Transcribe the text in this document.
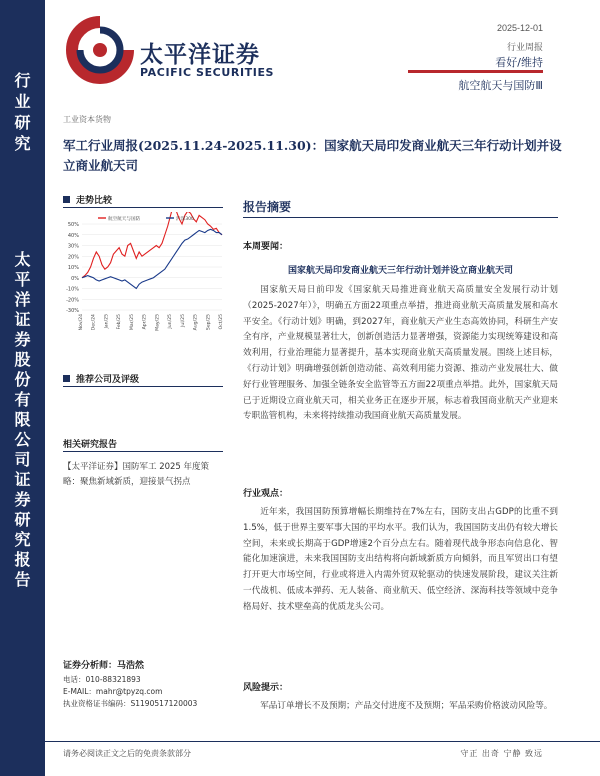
行
业
研
究
太
平
洋
证
券
股
份
有
限
公
司
证
券
研
究
报
告
太平洋证券
PACIFIC SECURITIES
2025-12-01
行业周报
看好/维持
航空航天与国防Ⅲ
工业资本货物
军工行业周报(2025.11.24-2025.11.30)：国家航天局印发商业航天三年行动计划并设立商业航天司
走势比较
50%
40%
30%
20%
10%
0%
-10%
-20%
-30%
Nov/24 Dec/24 Jan/25 Feb/25 Mar/25 Apr/25 May/25 Jun/25 Jul/25 Aug/25 Sep/25 Oct/25
航空航天与国防	沪深300
推荐公司及评级
相关研究报告
【太平洋证券】国防军工 2025 年度策略：聚焦新域新质，迎接景气拐点
证券分析师：马浩然
电话：010-88321893
E-MAIL：mahr@tpyzq.com
执业资格证书编码：S1190517120003
报告摘要
本周要闻：
国家航天局印发商业航天三年行动计划并设立商业航天司
国家航天局日前印发《国家航天局推进商业航天高质量安全发展行动计划（2025-2027年）》，明确五方面22项重点举措，推进商业航天高质量发展和高水平安全。《行动计划》明确，到2027年，商业航天产业生态高效协同，科研生产安全有序，产业规模显著壮大，创新创造活力显著增强，资源能力实现统筹建设和高效利用，行业治理能力显著提升，基本实现商业航天高质量发展。围绕上述目标，《行动计划》明确增强创新创造动能、高效利用能力资源、推动产业发展壮大、做好行业管理服务、加强全链条安全监管等五方面22项重点举措。此外，国家航天局已于近期设立商业航天司，相关业务正在逐步开展，标志着我国商业航天产业迎来专职监管机构，未来将持续推动我国商业航天高质量发展。
行业观点：
近年来，我国国防预算增幅长期维持在7%左右，国防支出占GDP的比重不到1.5%，低于世界主要军事大国的平均水平。我们认为，我国国防支出仍有较大增长空间，未来或长期高于GDP增速2个百分点左右。随着现代战争形态向信息化、智能化加速演进，未来我国国防支出结构将向新域新质方向倾斜，而且军贸出口有望打开更大市场空间，行业或将进入内需外贸双轮驱动的快速发展阶段，建议关注新一代战机、低成本弹药、无人装备、商业航天、低空经济、深海科技等领域中竞争格局好、技术壁垒高的优质龙头公司。
风险提示：
军品订单增长不及预期；产品交付进度不及预期；军品采购价格波动风险等。
请务必阅读正文之后的免责条款部分	守正 出奇 宁静 致远
